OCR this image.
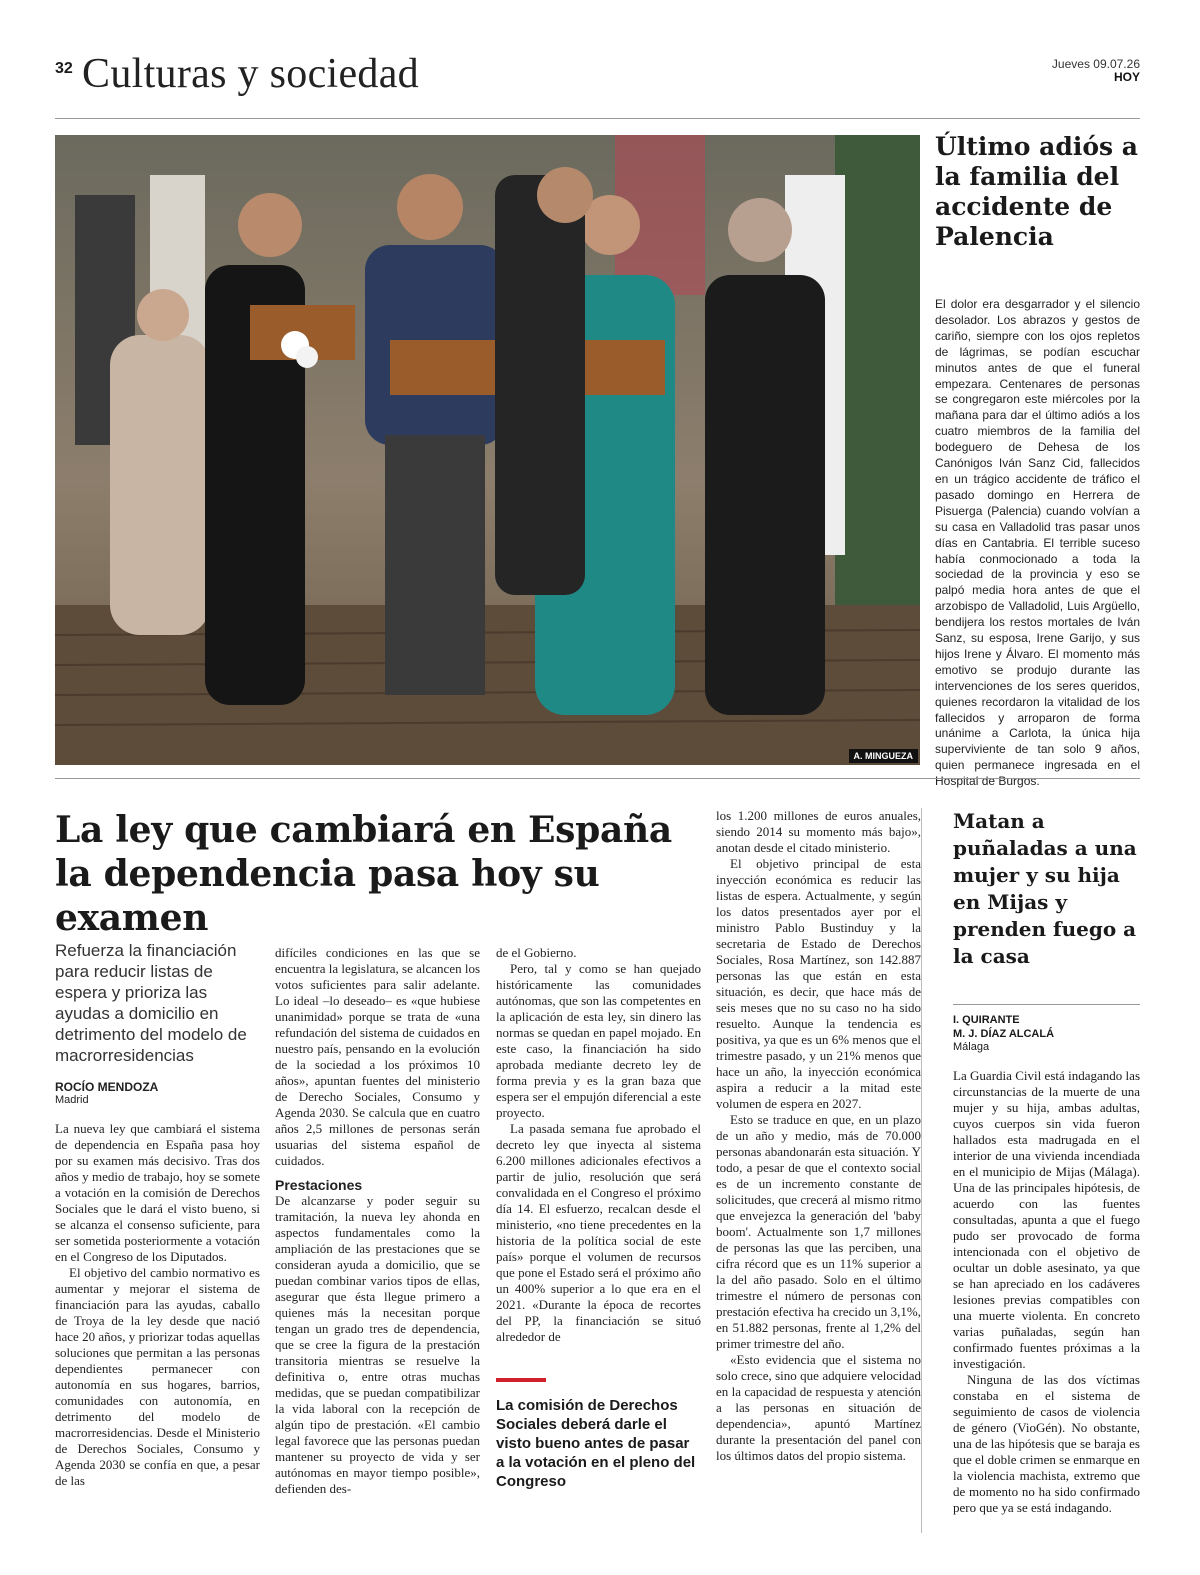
32 Culturas y sociedad	Jueves 09.07.26
HOY
A. MINGUEZA
Último adiós a la familia del accidente de Palencia
El dolor era desgarrador y el silencio desolador. Los abrazos y gestos de cariño, siempre con los ojos repletos de lágrimas, se podían escuchar minutos antes de que el funeral empezara. Centenares de personas se congregaron este miércoles por la mañana para dar el último adiós a los cuatro miembros de la familia del bodeguero de Dehesa de los Canónigos Iván Sanz Cid, fallecidos en un trágico accidente de tráfico el pasado domingo en Herrera de Pisuerga (Palencia) cuando volvían a su casa en Valladolid tras pasar unos días en Cantabria. El terrible suceso había conmocionado a toda la sociedad de la provincia y eso se palpó media hora antes de que el arzobispo de Valladolid, Luis Argüello, bendijera los restos mortales de Iván Sanz, su esposa, Irene Garijo, y sus hijos Irene y Álvaro. El momento más emotivo se produjo durante las intervenciones de los seres queridos, quienes recordaron la vitalidad de los fallecidos y arroparon de forma unánime a Carlota, la única hija superviviente de tan solo 9 años, quien permanece ingresada en el Hospital de Burgos.
La ley que cambiará en España la dependencia pasa hoy su examen
Refuerza la financiación para reducir listas de espera y prioriza las ayudas a domicilio en detrimento del modelo de macrorresidencias
ROCÍO MENDOZA
Madrid

La nueva ley que cambiará el sistema de dependencia en España pasa hoy por su examen más decisivo. Tras dos años y medio de trabajo, hoy se somete a votación en la comisión de Derechos Sociales que le dará el visto bueno, si se alcanza el consenso suficiente, para ser sometida posteriormente a votación en el Congreso de los Diputados.

El objetivo del cambio normativo es aumentar y mejorar el sistema de financiación para las ayudas, caballo de Troya de la ley desde que nació hace 20 años, y priorizar todas aquellas soluciones que permitan a las personas dependientes permanecer con autonomía en sus hogares, barrios, comunidades con autonomía, en detrimento del modelo de macrorresidencias. Desde el Ministerio de Derechos Sociales, Consumo y Agenda 2030 se confía en que, a pesar de las

difíciles condiciones en las que se encuentra la legislatura, se alcancen los votos suficientes para salir adelante. Lo ideal –lo deseado– es «que hubiese unanimidad» porque se trata de «una refundación del sistema de cuidados en nuestro país, pensando en la evolución de la sociedad a los próximos 10 años», apuntan fuentes del ministerio de Derecho Sociales, Consumo y Agenda 2030. Se calcula que en cuatro años 2,5 millones de personas serán usuarias del sistema español de cuidados.

Prestaciones

De alcanzarse y poder seguir su tramitación, la nueva ley ahonda en aspectos fundamentales como la ampliación de las prestaciones que se consideran ayuda a domicilio, que se puedan combinar varios tipos de ellas, asegurar que ésta llegue primero a quienes más la necesitan porque tengan un grado tres de dependencia, que se cree la figura de la prestación transitoria mientras se resuelve la definitiva o, entre otras muchas medidas, que se puedan compatibilizar la vida laboral con la recepción de algún tipo de prestación. «El cambio legal favorece que las personas puedan mantener su proyecto de vida y ser autónomas en mayor tiempo posible», defienden des-

de el Gobierno.

Pero, tal y como se han quejado históricamente las comunidades autónomas, que son las competentes en la aplicación de esta ley, sin dinero las normas se quedan en papel mojado. En este caso, la financiación ha sido aprobada mediante decreto ley de forma previa y es la gran baza que espera ser el empujón diferencial a este proyecto.

La pasada semana fue aprobado el decreto ley que inyecta al sistema 6.200 millones adicionales efectivos a partir de julio, resolución que será convalidada en el Congreso el próximo día 14. El esfuerzo, recalcan desde el ministerio, «no tiene precedentes en la historia de la política social de este país» porque el volumen de recursos que pone el Estado será el próximo año un 400% superior a lo que era en el 2021. «Durante la época de recortes del PP, la financiación se situó alrededor de

La comisión de Derechos Sociales deberá darle el visto bueno antes de pasar a la votación en el pleno del Congreso

los 1.200 millones de euros anuales, siendo 2014 su momento más bajo», anotan desde el citado ministerio.

El objetivo principal de esta inyección económica es reducir las listas de espera. Actualmente, y según los datos presentados ayer por el ministro Pablo Bustinduy y la secretaria de Estado de Derechos Sociales, Rosa Martínez, son 142.887 personas las que están en esta situación, es decir, que hace más de seis meses que no su caso no ha sido resuelto. Aunque la tendencia es positiva, ya que es un 6% menos que el trimestre pasado, y un 21% menos que hace un año, la inyección económica aspira a reducir a la mitad este volumen de espera en 2027.

Esto se traduce en que, en un plazo de un año y medio, más de 70.000 personas abandonarán esta situación. Y todo, a pesar de que el contexto social es de un incremento constante de solicitudes, que crecerá al mismo ritmo que envejezca la generación del 'baby boom'. Actualmente son 1,7 millones de personas las que las perciben, una cifra récord que es un 11% superior a la del año pasado. Solo en el último trimestre el número de personas con prestación efectiva ha crecido un 3,1%, en 51.882 personas, frente al 1,2% del primer trimestre del año.

«Esto evidencia que el sistema no solo crece, sino que adquiere velocidad en la capacidad de respuesta y atención a las personas en situación de dependencia», apuntó Martínez durante la presentación del panel con los últimos datos del propio sistema.

Matan a puñaladas a una mujer y su hija en Mijas y prenden fuego a la casa
I. QUIRANTE
M. J. DÍAZ ALCALÁ
Málaga

La Guardia Civil está indagando las circunstancias de la muerte de una mujer y su hija, ambas adultas, cuyos cuerpos sin vida fueron hallados esta madrugada en el interior de una vivienda incendiada en el municipio de Mijas (Málaga). Una de las principales hipótesis, de acuerdo con las fuentes consultadas, apunta a que el fuego pudo ser provocado de forma intencionada con el objetivo de ocultar un doble asesinato, ya que se han apreciado en los cadáveres lesiones previas compatibles con una muerte violenta. En concreto varias puñaladas, según han confirmado fuentes próximas a la investigación.

Ninguna de las dos víctimas constaba en el sistema de seguimiento de casos de violencia de género (VioGén). No obstante, una de las hipótesis que se baraja es que el doble crimen se enmarque en la violencia machista, extremo que de momento no ha sido confirmado pero que ya se está indagando.
